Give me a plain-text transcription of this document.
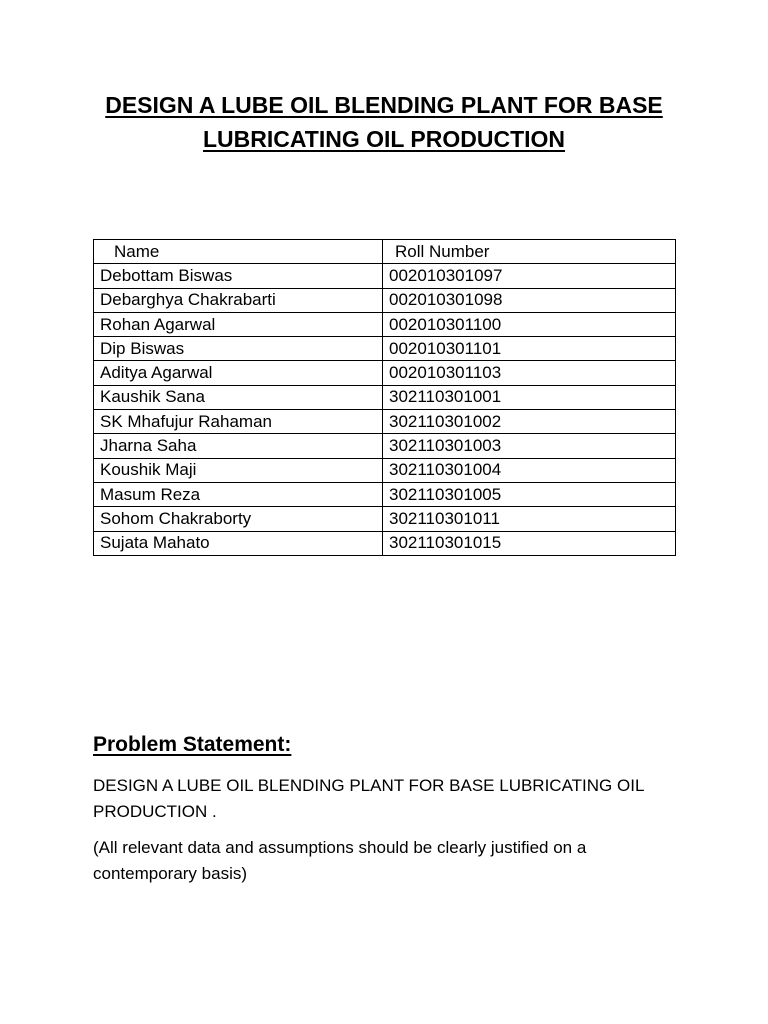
DESIGN A LUBE OIL BLENDING PLANT FOR BASE
LUBRICATING OIL PRODUCTION
Name	Roll Number
Debottam Biswas	002010301097
Debarghya Chakrabarti	002010301098
Rohan Agarwal	002010301100
Dip Biswas	002010301101
Aditya Agarwal	002010301103
Kaushik Sana	302110301001
SK Mhafujur Rahaman	302110301002
Jharna Saha	302110301003
Koushik Maji	302110301004
Masum Reza	302110301005
Sohom Chakraborty	302110301011
Sujata Mahato	302110301015
Problem Statement:

DESIGN A LUBE OIL BLENDING PLANT FOR BASE LUBRICATING OIL PRODUCTION .

(All relevant data and assumptions should be clearly justified on a contemporary basis)
